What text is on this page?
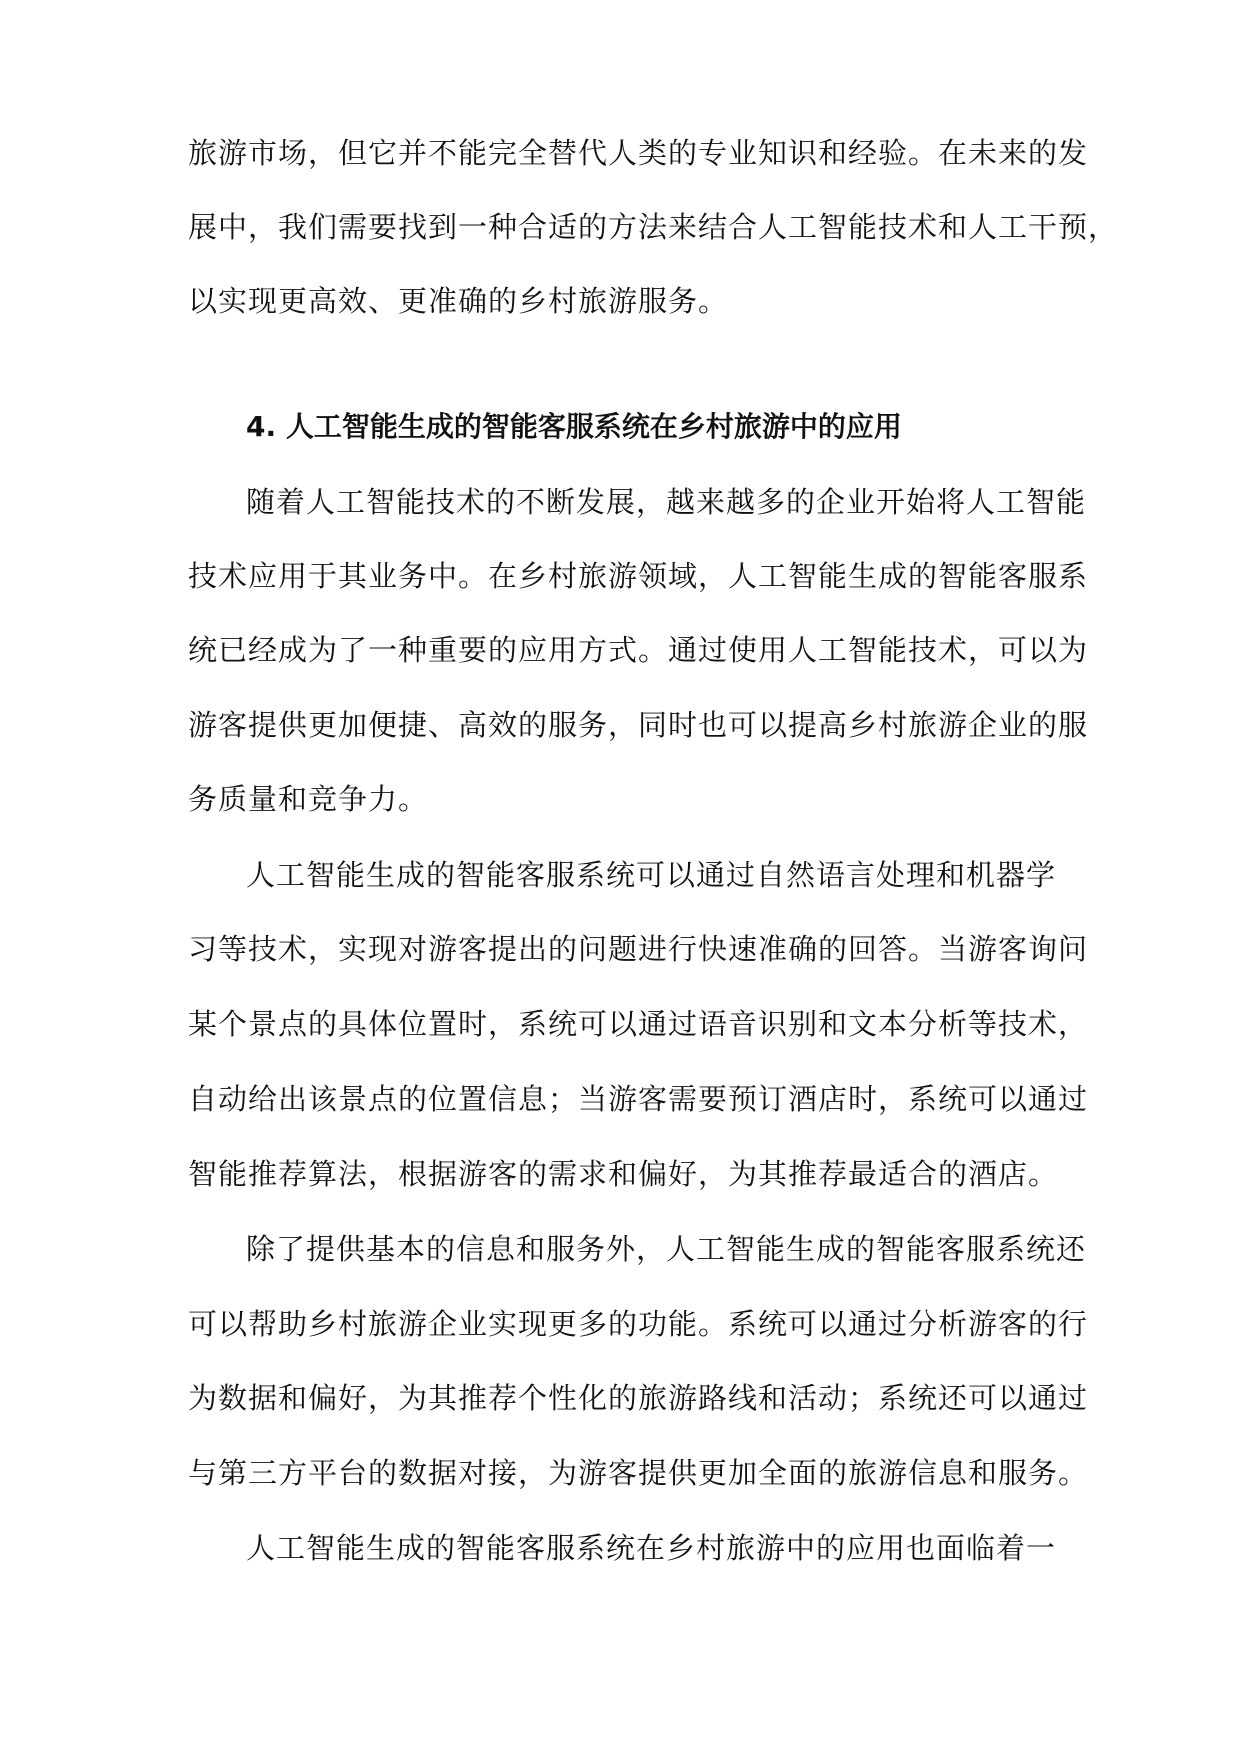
旅游市场，但它并不能完全替代人类的专业知识和经验。在未来的发
展中，我们需要找到一种合适的方法来结合人工智能技术和人工干预，
以实现更高效、更准确的乡村旅游服务。
4. 人工智能生成的智能客服系统在乡村旅游中的应用
随着人工智能技术的不断发展，越来越多的企业开始将人工智能
技术应用于其业务中。在乡村旅游领域，人工智能生成的智能客服系
统已经成为了一种重要的应用方式。通过使用人工智能技术，可以为
游客提供更加便捷、高效的服务，同时也可以提高乡村旅游企业的服
务质量和竞争力。
人工智能生成的智能客服系统可以通过自然语言处理和机器学
习等技术，实现对游客提出的问题进行快速准确的回答。当游客询问
某个景点的具体位置时，系统可以通过语音识别和文本分析等技术，
自动给出该景点的位置信息；当游客需要预订酒店时，系统可以通过
智能推荐算法，根据游客的需求和偏好，为其推荐最适合的酒店。
除了提供基本的信息和服务外，人工智能生成的智能客服系统还
可以帮助乡村旅游企业实现更多的功能。系统可以通过分析游客的行
为数据和偏好，为其推荐个性化的旅游路线和活动；系统还可以通过
与第三方平台的数据对接，为游客提供更加全面的旅游信息和服务。
人工智能生成的智能客服系统在乡村旅游中的应用也面临着一
